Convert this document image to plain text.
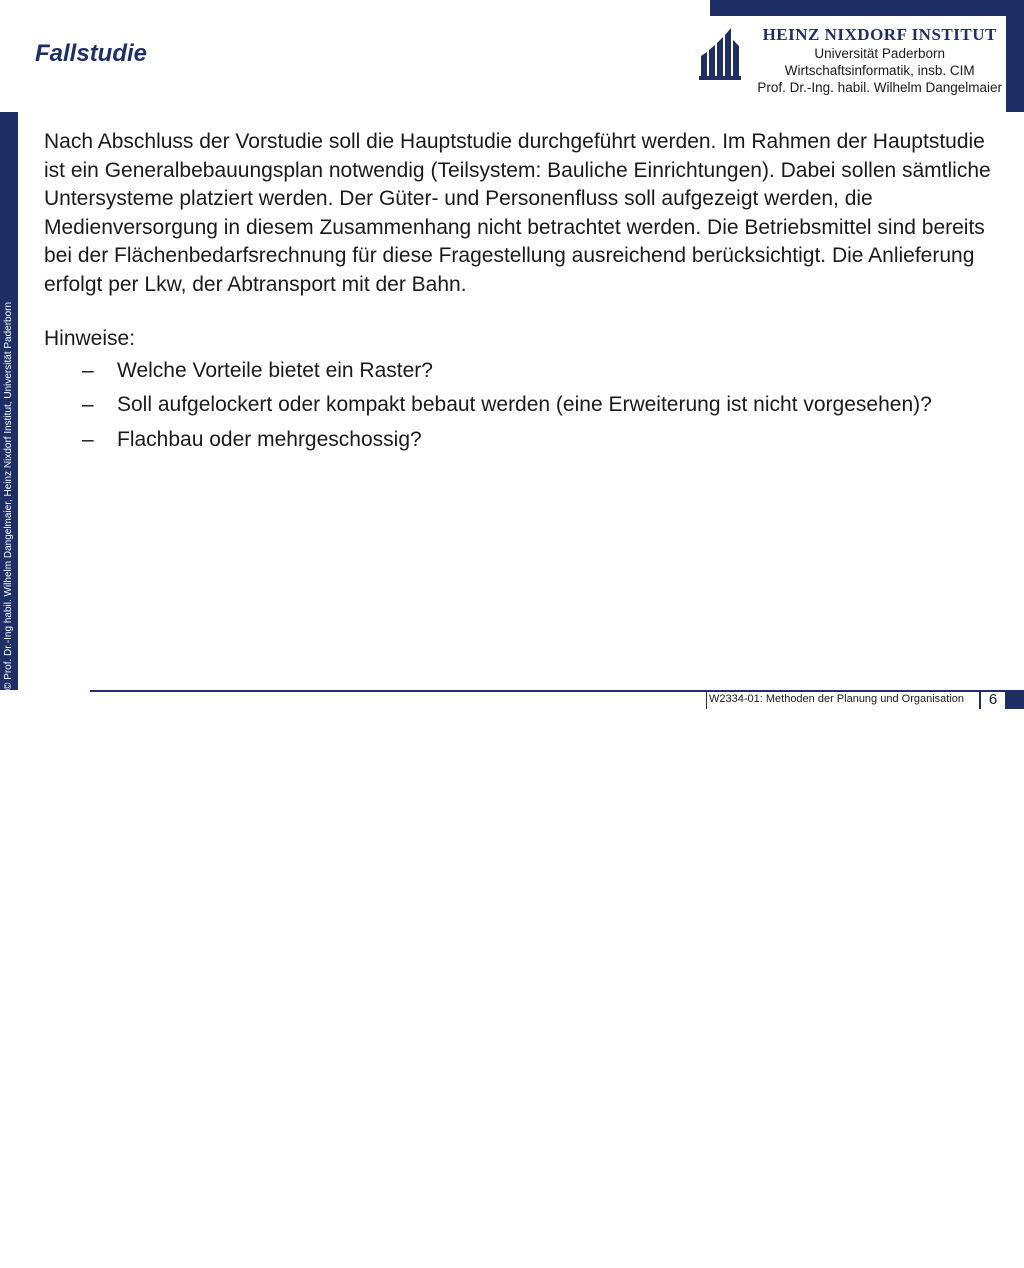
© Prof. Dr.-Ing habil. Wilhelm Dangelmaier, Heinz Nixdorf Institut, Universität Paderborn
Fallstudie
HEINZ NIXDORF INSTITUT
Universität Paderborn
Wirtschaftsinformatik, insb. CIM
Prof. Dr.-Ing. habil. Wilhelm Dangelmaier

Nach Abschluss der Vorstudie soll die Hauptstudie durchgeführt werden. Im Rahmen der Hauptstudie ist ein Generalbebauungsplan notwendig (Teilsystem: Bauliche Einrichtungen). Dabei sollen sämtliche Untersysteme platziert werden. Der Güter- und Personenfluss soll aufgezeigt werden, die Medienversorgung in diesem Zusammenhang nicht betrachtet werden. Die Betriebsmittel sind bereits bei der Flächenbedarfsrechnung für diese Fragestellung ausreichend berücksichtigt. Die Anlieferung erfolgt per Lkw, der Abtransport mit der Bahn.

Hinweise:
– Welche Vorteile bietet ein Raster?
– Soll aufgelockert oder kompakt bebaut werden (eine Erweiterung ist nicht vorgesehen)?
– Flachbau oder mehrgeschossig?
W2334-01: Methoden der Planung und Organisation	6
